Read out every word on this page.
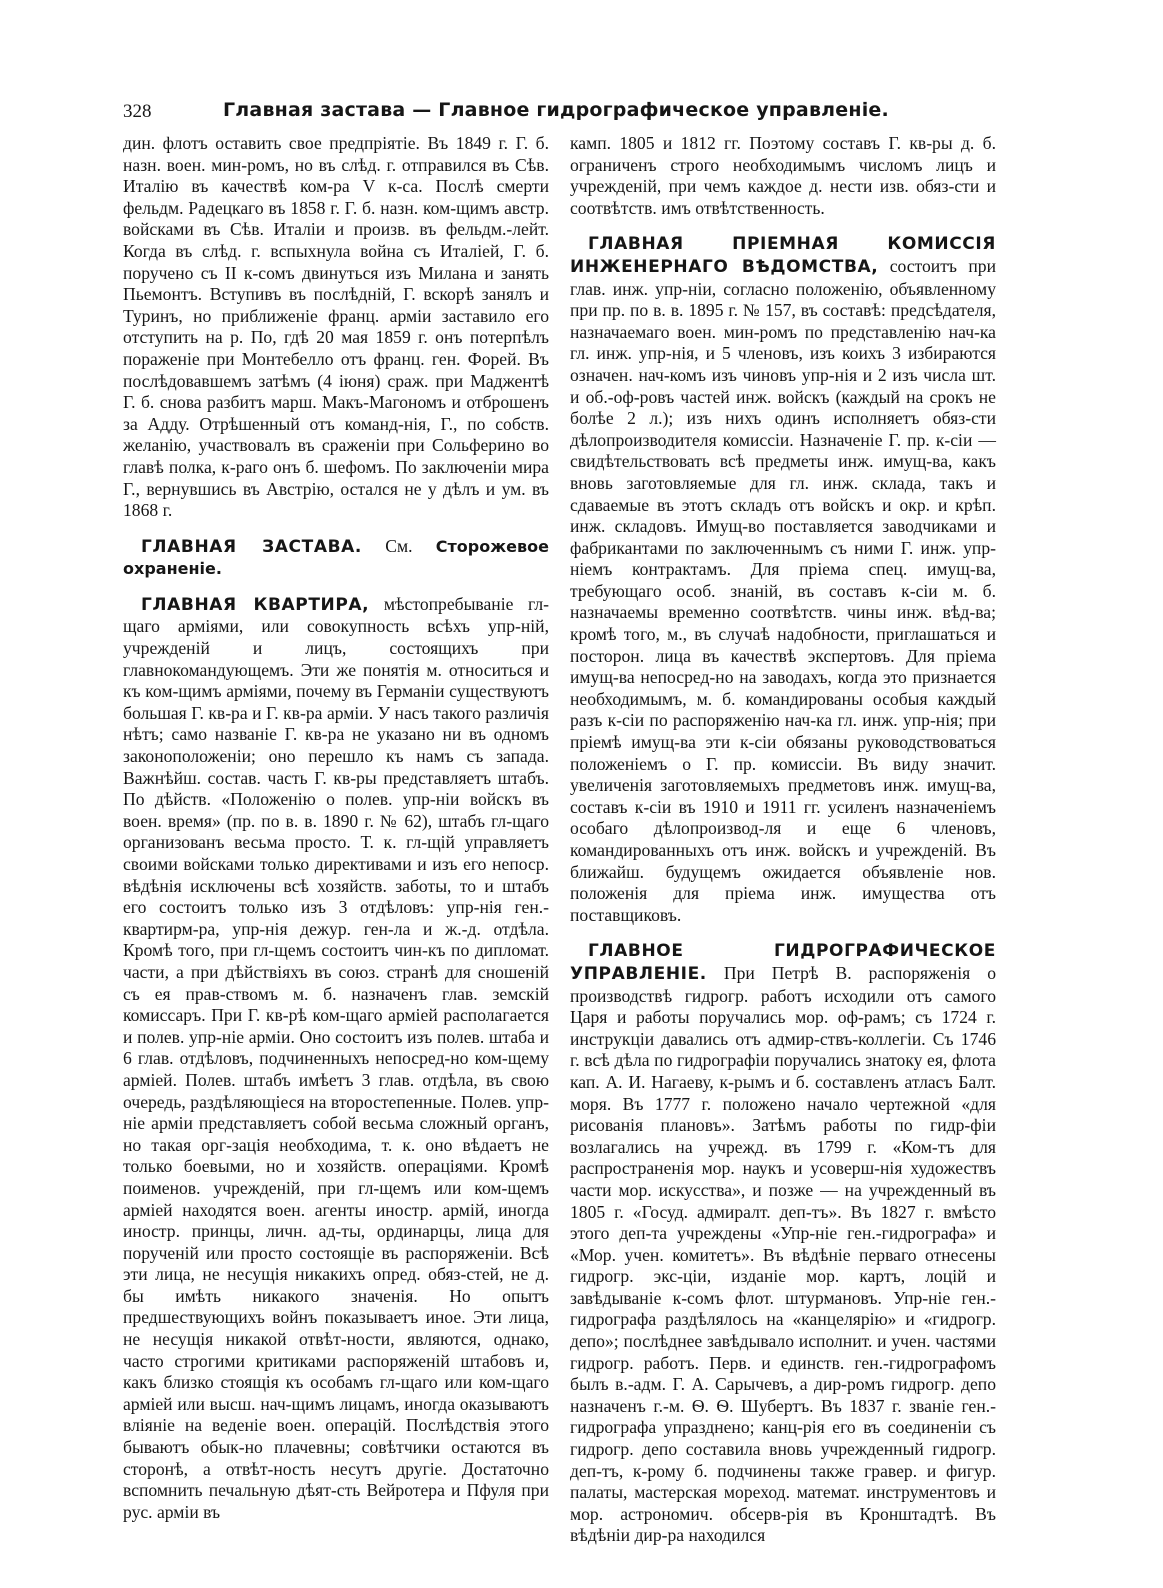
328	Главная застава — Главное гидрографическое управленіе.

дин. флотъ оставить свое предпріятіе. Въ 1849 г. Г. б. назн. воен. мин-ромъ, но въ слѣд. г. отправился въ Сѣв. Италію въ качествѣ ком-ра V к-са. Послѣ смерти фельдм. Радецкаго въ 1858 г. Г. б. назн. ком-щимъ австр. войсками въ Сѣв. Италіи и произв. въ фельдм.-лейт. Когда въ слѣд. г. вспыхнула война съ Италіей, Г. б. поручено съ II к-сомъ двинуться изъ Милана и занять Пьемонтъ. Вступивъ въ послѣдній, Г. вскорѣ занялъ и Туринъ, но приближеніе франц. арміи заставило его отступить на р. По, гдѣ 20 мая 1859 г. онъ потерпѣлъ пораженіе при Монтебелло отъ франц. ген. Форей. Въ послѣдовавшемъ затѣмъ (4 іюня) сраж. при Маджентѣ Г. б. снова разбитъ марш. Макъ-Магономъ и отброшенъ за Адду. Отрѣшенный отъ команд-нія, Г., по собств. желанію, участвовалъ въ сраженіи при Сольферино во главѣ полка, к-раго онъ б. шефомъ. По заключеніи мира Г., вернувшись въ Австрію, остался не у дѣлъ и ум. въ 1868 г.

ГЛАВНАЯ ЗАСТАВА. См. Сторожевое охраненіе.

ГЛАВНАЯ КВАРТИРА, мѣстопребываніе гл-щаго арміями, или совокупность всѣхъ упр-ній, учрежденій и лицъ, состоящихъ при главнокомандующемъ. Эти же понятія м. относиться и къ ком-щимъ арміями, почему въ Германіи существуютъ большая Г. кв-ра и Г. кв-ра арміи. У насъ такого различія нѣтъ; само названіе Г. кв-ра не указано ни въ одномъ законоположеніи; оно перешло къ намъ съ запада. Важнѣйш. состав. часть Г. кв-ры представляетъ штабъ. По дѣйств. «Положенію о полев. упр-ніи войскъ въ воен. время» (пр. по в. в. 1890 г. № 62), штабъ гл-щаго организованъ весьма просто. Т. к. гл-щій управляетъ своими войсками только директивами и изъ его непоср. вѣдѣнія исключены всѣ хозяйств. заботы, то и штабъ его состоитъ только изъ 3 отдѣловъ: упр-нія ген.-квартирм-ра, упр-нія дежур. ген-ла и ж.-д. отдѣла. Кромѣ того, при гл-щемъ состоитъ чин-къ по дипломат. части, а при дѣйствіяхъ въ союз. странѣ для сношеній съ ея прав-ствомъ м. б. назначенъ глав. земскій комиссаръ. При Г. кв-рѣ ком-щаго арміей располагается и полев. упр-ніе арміи. Оно состоитъ изъ полев. штаба и 6 глав. отдѣловъ, подчиненныхъ непосред-но ком-щему арміей. Полев. штабъ имѣетъ 3 глав. отдѣла, въ свою очередь, раздѣляющіеся на второстепенные. Полев. упр-ніе арміи представляетъ собой весьма сложный органъ, но такая орг-зація необходима, т. к. оно вѣдаетъ не только боевыми, но и хозяйств. операціями. Кромѣ поименов. учрежденій, при гл-щемъ или ком-щемъ арміей находятся воен. агенты иностр. армій, иногда иностр. принцы, личн. ад-ты, ординарцы, лица для порученій или просто состоящіе въ распоряженіи. Всѣ эти лица, не несущія никакихъ опред. обяз-стей, не д. бы имѣть никакого значенія. Но опытъ предшествующихъ войнъ показываетъ иное. Эти лица, не несущія никакой отвѣт-ности, являются, однако, часто строгими критиками распоряженій штабовъ и, какъ близко стоящія къ особамъ гл-щаго или ком-щаго арміей или высш. нач-щимъ лицамъ, иногда оказываютъ вліяніе на веденіе воен. операцій. Послѣдствія этого бываютъ обык-но плачевны; совѣтчики остаются въ сторонѣ, а отвѣт-ность несутъ другіе. Достаточно вспомнить печальную дѣят-сть Вейротера и Пфуля при рус. арміи въ

камп. 1805 и 1812 гг. Поэтому составъ Г. кв-ры д. б. ограниченъ строго необходимымъ числомъ лицъ и учрежденій, при чемъ каждое д. нести изв. обяз-сти и соотвѣтств. имъ отвѣтственность.

ГЛАВНАЯ ПРІЕМНАЯ КОМИССІЯ ИНЖЕНЕРНАГО ВѢДОМСТВА, состоитъ при глав. инж. упр-ніи, согласно положенію, объявленному при пр. по в. в. 1895 г. № 157, въ составѣ: предсѣдателя, назначаемаго воен. мин-ромъ по представленію нач-ка гл. инж. упр-нія, и 5 членовъ, изъ коихъ 3 избираются означен. нач-комъ изъ чиновъ упр-нія и 2 изъ числа шт. и об.-оф-ровъ частей инж. войскъ (каждый на срокъ не болѣе 2 л.); изъ нихъ одинъ исполняетъ обяз-сти дѣлопроизводителя комиссіи. Назначеніе Г. пр. к-сіи — свидѣтельствовать всѣ предметы инж. имущ-ва, какъ вновь заготовляемые для гл. инж. склада, такъ и сдаваемые въ этотъ складъ отъ войскъ и окр. и крѣп. инж. складовъ. Имущ-во поставляется заводчиками и фабрикантами по заключеннымъ съ ними Г. инж. упр-ніемъ контрактамъ. Для пріема спец. имущ-ва, требующаго особ. знаній, въ составъ к-сіи м. б. назначаемы временно соотвѣтств. чины инж. вѣд-ва; кромѣ того, м., въ случаѣ надобности, приглашаться и посторон. лица въ качествѣ экспертовъ. Для пріема имущ-ва непосред-но на заводахъ, когда это признается необходимымъ, м. б. командированы особыя каждый разъ к-сіи по распоряженію нач-ка гл. инж. упр-нія; при пріемѣ имущ-ва эти к-сіи обязаны руководствоваться положеніемъ о Г. пр. комиссіи. Въ виду значит. увеличенія заготовляемыхъ предметовъ инж. имущ-ва, составъ к-сіи въ 1910 и 1911 гг. усиленъ назначеніемъ особаго дѣлопроизвод-ля и еще 6 членовъ, командированныхъ отъ инж. войскъ и учрежденій. Въ ближайш. будущемъ ожидается объявленіе нов. положенія для пріема инж. имущества отъ поставщиковъ.

ГЛАВНОЕ ГИДРОГРАФИЧЕСКОЕ УПРАВЛЕНІЕ. При Петрѣ В. распоряженія о производствѣ гидрогр. работъ исходили отъ самого Царя и работы поручались мор. оф-рамъ; съ 1724 г. инструкціи давались отъ адмир-ствъ-коллегіи. Съ 1746 г. всѣ дѣла по гидрографіи поручались знатоку ея, флота кап. А. И. Нагаеву, к-рымъ и б. составленъ атласъ Балт. моря. Въ 1777 г. положено начало чертежной «для рисованія плановъ». Затѣмъ работы по гидр-фіи возлагались на учрежд. въ 1799 г. «Ком-тъ для распространенія мор. наукъ и усоверш-нія художествъ части мор. искусства», и позже — на учрежденный въ 1805 г. «Госуд. адмиралт. деп-тъ». Въ 1827 г. вмѣсто этого деп-та учреждены «Упр-ніе ген.-гидрографа» и «Мор. учен. комитетъ». Въ вѣдѣніе перваго отнесены гидрогр. экс-ціи, изданіе мор. картъ, лоцій и завѣдываніе к-сомъ флот. штурмановъ. Упр-ніе ген.-гидрографа раздѣлялось на «канцелярію» и «гидрогр. депо»; послѣднее завѣдывало исполнит. и учен. частями гидрогр. работъ. Перв. и единств. ген.-гидрографомъ былъ в.-адм. Г. А. Сарычевъ, а дир-ромъ гидрогр. депо назначенъ г.-м. Ѳ. Ѳ. Шубертъ. Въ 1837 г. званіе ген.-гидрографа упразднено; канц-рія его въ соединеніи съ гидрогр. депо составила вновь учрежденный гидрогр. деп-тъ, к-рому б. подчинены также гравер. и фигур. палаты, мастерская мореход. математ. инструментовъ и мор. астрономич. обсерв-рія въ Кронштадтѣ. Въ вѣдѣніи дир-ра находился
